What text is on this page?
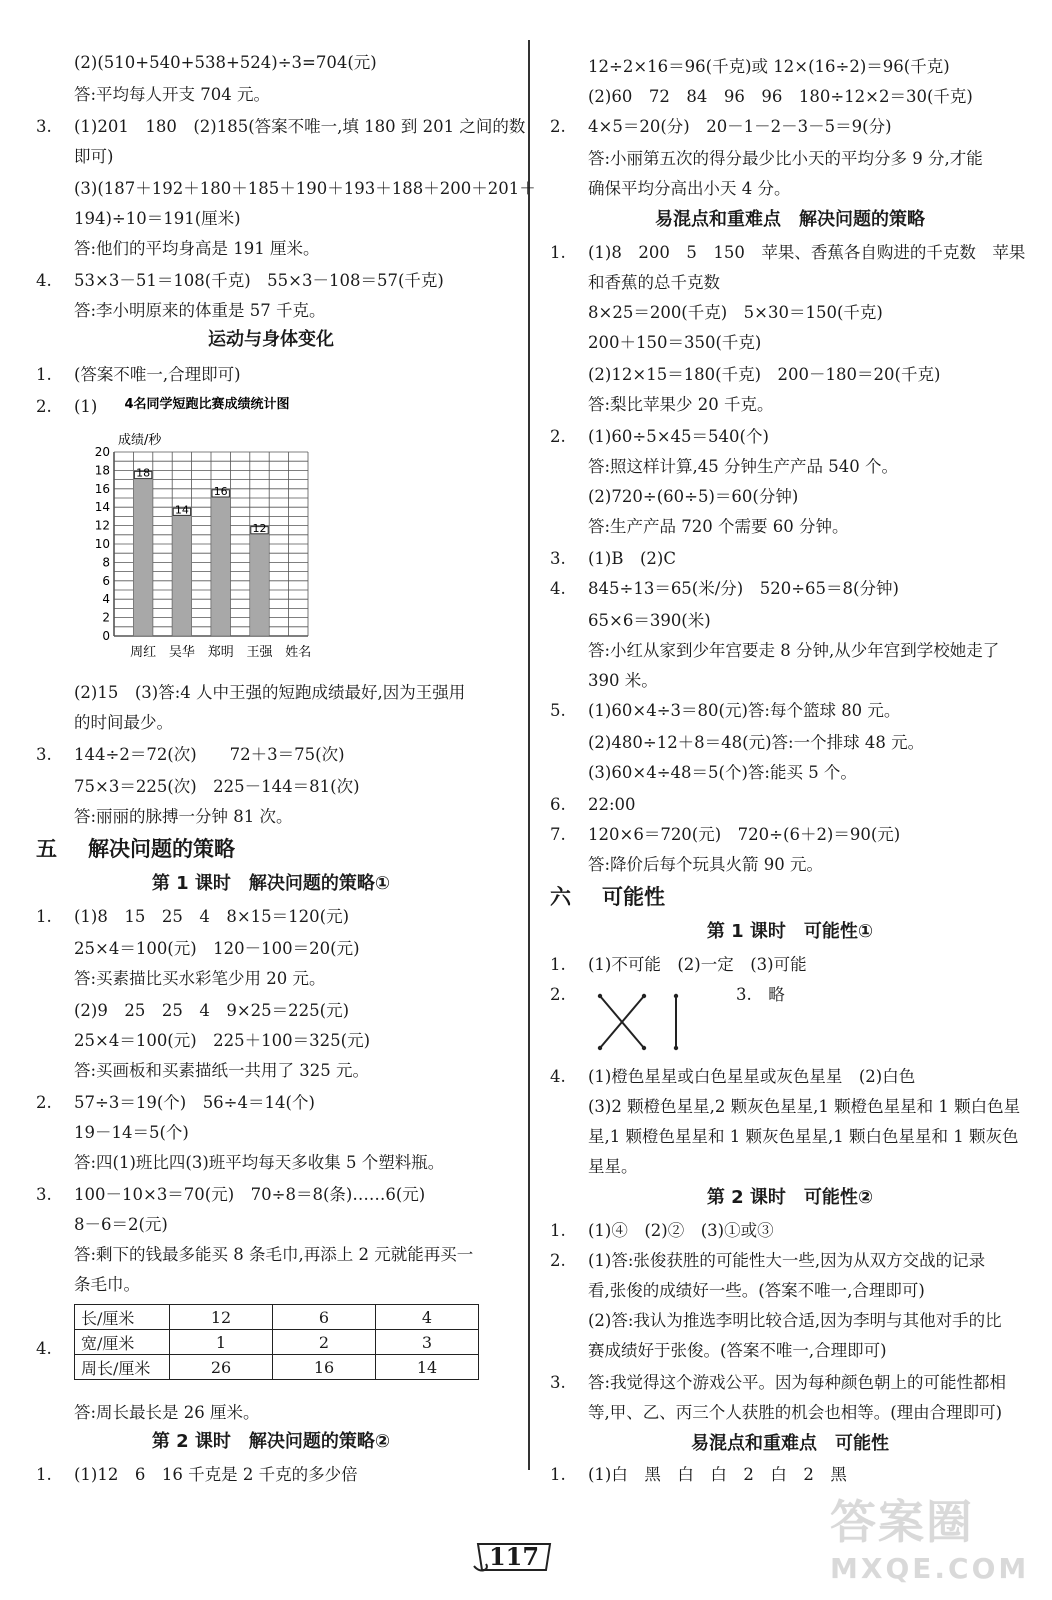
运动与身体变化
五 解决问题的策略
第 1 课时　解决问题的策略①
第 2 课时　解决问题的策略②
长/厘米	12	6	4
宽/厘米	1	2	3
周长/厘米	26	16	14
(2)(510+540+538+524)÷3=704(元)
答:平均每人开支 704 元。
3. (1)201　180　(2)185(答案不唯一,填 180 到 201 之间的数
即可)
(3)(187＋192＋180＋185＋190＋193＋188＋200＋201＋
194)÷10＝191(厘米)
答:他们的平均身高是 191 厘米。
4. 53×3－51＝108(千克)　55×3－108＝57(千克)
答:李小明原来的体重是 57 千克。
1. (答案不唯一,合理即可)
2. (1)
(2)15　(3)答:4 人中王强的短跑成绩最好,因为王强用
的时间最少。
3. 144÷2＝72(次)　　72＋3＝75(次)
75×3＝225(次)　225－144＝81(次)
答:丽丽的脉搏一分钟 81 次。
1. (1)8　15　25　4　8×15＝120(元)
25×4＝100(元)　120－100＝20(元)
答:买素描比买水彩笔少用 20 元。
(2)9　25　25　4　9×25＝225(元)
25×4＝100(元)　225＋100＝325(元)
答:买画板和买素描纸一共用了 325 元。
2. 57÷3＝19(个)　56÷4＝14(个)
19－14＝5(个)
答:四(1)班比四(3)班平均每天多收集 5 个塑料瓶。
3. 100－10×3＝70(元)　70÷8＝8(条)……6(元)
8－6＝2(元)
答:剩下的钱最多能买 8 条毛巾,再添上 2 元就能再买一
条毛巾。
4.
答:周长最长是 26 厘米。
1. (1)12　6　16 千克是 2 千克的多少倍
4名同学短跑比赛成绩统计图
成绩/秒
0
2
4
6
8
10
12
14
16
18
20
18
周红
14
吴华
16
郑明
12
王强 姓名
易混点和重难点　解决问题的策略
六 可能性
第 1 课时　可能性①
3.　略
第 2 课时　可能性②
易混点和重难点　可能性
12÷2×16＝96(千克)或 12×(16÷2)＝96(千克)
(2)60　72　84　96　96　180÷12×2＝30(千克)
2. 4×5＝20(分)　20－1－2－3－5＝9(分)
答:小丽第五次的得分最少比小天的平均分多 9 分,才能
确保平均分高出小天 4 分。
1. (1)8　200　5　150　苹果、香蕉各自购进的千克数　苹果
和香蕉的总千克数
8×25＝200(千克)　5×30＝150(千克)
200＋150＝350(千克)
(2)12×15＝180(千克)　200－180＝20(千克)
答:梨比苹果少 20 千克。
2. (1)60÷5×45＝540(个)
答:照这样计算,45 分钟生产产品 540 个。
(2)720÷(60÷5)＝60(分钟)
答:生产产品 720 个需要 60 分钟。
3. (1)B　(2)C
4. 845÷13＝65(米/分)　520÷65＝8(分钟)
65×6＝390(米)
答:小红从家到少年宫要走 8 分钟,从少年宫到学校她走了
390 米。
5. (1)60×4÷3＝80(元)答:每个篮球 80 元。
(2)480÷12＋8＝48(元)答:一个排球 48 元。
(3)60×4÷48＝5(个)答:能买 5 个。
6. 22:00
7. 120×6＝720(元)　720÷(6＋2)＝90(元)
答:降价后每个玩具火箭 90 元。
1. (1)不可能　(2)一定　(3)可能
2.
4. (1)橙色星星或白色星星或灰色星星　(2)白色
(3)2 颗橙色星星,2 颗灰色星星,1 颗橙色星星和 1 颗白色星
星,1 颗橙色星星和 1 颗灰色星星,1 颗白色星星和 1 颗灰色
星星。
1. (1)④　(2)②　(3)①或③
2. (1)答:张俊获胜的可能性大一些,因为从双方交战的记录
看,张俊的成绩好一些。(答案不唯一,合理即可)
(2)答:我认为推选李明比较合适,因为李明与其他对手的比
赛成绩好于张俊。(答案不唯一,合理即可)
3. 答:我觉得这个游戏公平。因为每种颜色朝上的可能性都相
等,甲、乙、丙三个人获胜的机会也相等。(理由合理即可)
1. (1)白　黑　白　白　2　白　2　黑
117
答案圈
MXQE.COM
